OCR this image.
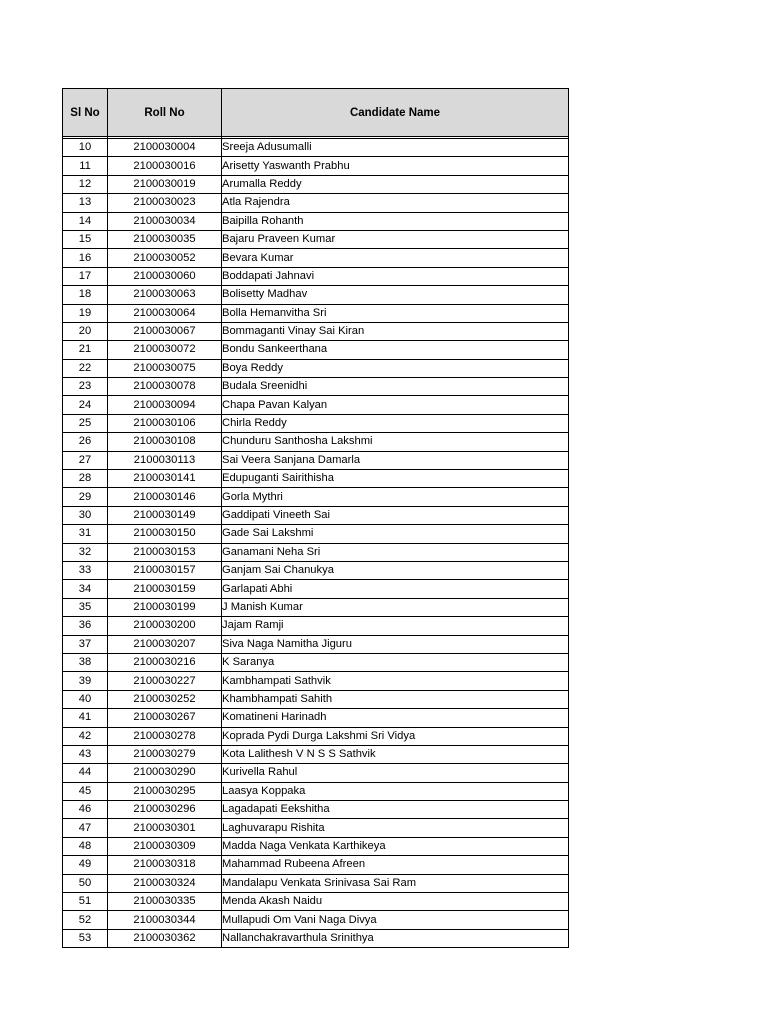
Sl No	Roll No	Candidate Name

10	2100030004	Sreeja Adusumalli
11	2100030016	Arisetty Yaswanth Prabhu
12	2100030019	Arumalla Reddy
13	2100030023	Atla Rajendra
14	2100030034	Baipilla Rohanth
15	2100030035	Bajaru Praveen Kumar
16	2100030052	Bevara Kumar
17	2100030060	Boddapati Jahnavi
18	2100030063	Bolisetty Madhav
19	2100030064	Bolla Hemanvitha Sri
20	2100030067	Bommaganti Vinay Sai Kiran
21	2100030072	Bondu Sankeerthana
22	2100030075	Boya Reddy
23	2100030078	Budala Sreenidhi
24	2100030094	Chapa Pavan Kalyan
25	2100030106	Chirla Reddy
26	2100030108	Chunduru Santhosha Lakshmi
27	2100030113	Sai Veera Sanjana Damarla
28	2100030141	Edupuganti Sairithisha
29	2100030146	Gorla Mythri
30	2100030149	Gaddipati Vineeth Sai
31	2100030150	Gade Sai Lakshmi
32	2100030153	Ganamani Neha Sri
33	2100030157	Ganjam Sai Chanukya
34	2100030159	Garlapati Abhi
35	2100030199	J Manish Kumar
36	2100030200	Jajam Ramji
37	2100030207	Siva Naga Namitha Jiguru
38	2100030216	K Saranya
39	2100030227	Kambhampati Sathvik
40	2100030252	Khambhampati Sahith
41	2100030267	Komatineni Harinadh
42	2100030278	Koprada Pydi Durga Lakshmi Sri Vidya
43	2100030279	Kota Lalithesh V N S S Sathvik
44	2100030290	Kurivella Rahul
45	2100030295	Laasya Koppaka
46	2100030296	Lagadapati Eekshitha
47	2100030301	Laghuvarapu Rishita
48	2100030309	Madda Naga Venkata Karthikeya
49	2100030318	Mahammad Rubeena Afreen
50	2100030324	Mandalapu Venkata Srinivasa Sai Ram
51	2100030335	Menda Akash Naidu
52	2100030344	Mullapudi Om Vani Naga Divya
53	2100030362	Nallanchakravarthula Srinithya
